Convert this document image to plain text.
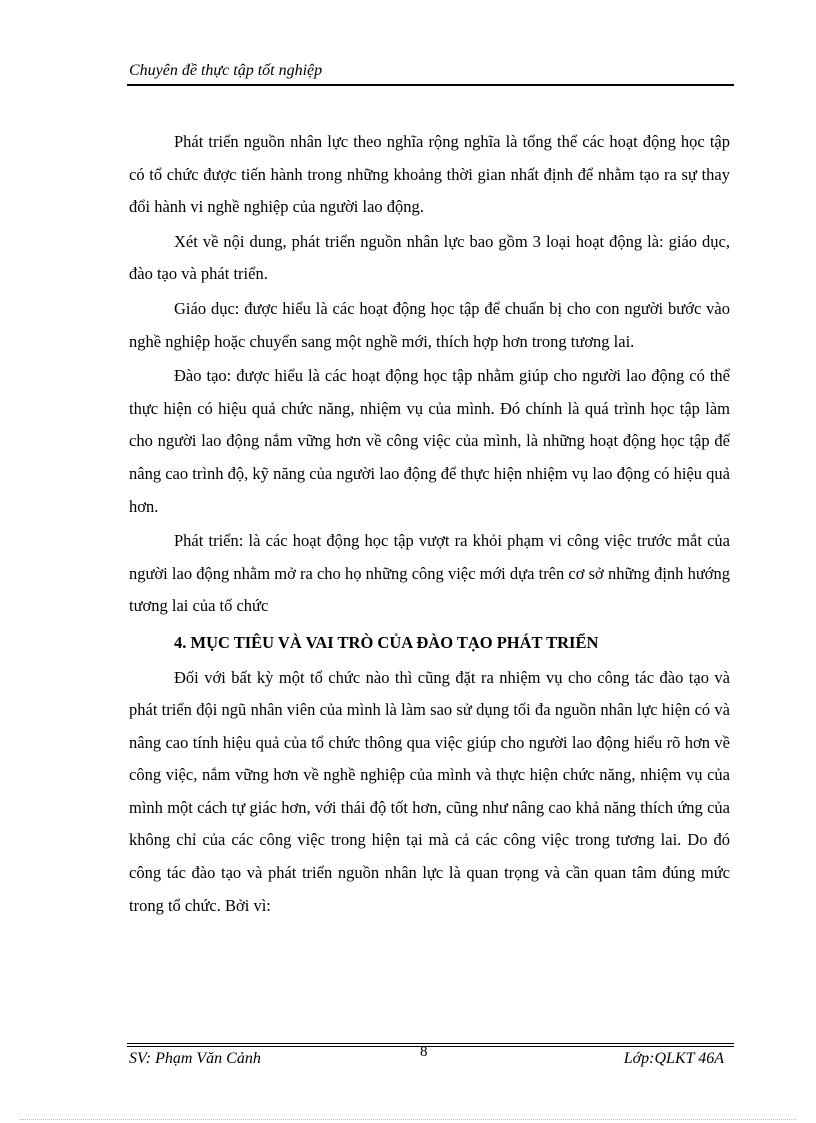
Chuyên đề thực tập tốt nghiệp

Phát triển nguồn nhân lực theo nghĩa rộng nghĩa là tổng thể các hoạt động học tập có tổ chức được tiến hành trong những khoảng thời gian nhất định để nhằm tạo ra sự thay đổi hành vi nghề nghiệp của người lao động.

Xét về nội dung, phát triển nguồn nhân lực bao gồm 3 loại hoạt động là: giáo dục, đào tạo và phát triển.

Giáo dục: được hiểu là các hoạt động học tập để chuẩn bị cho con người bước vào nghề nghiệp hoặc chuyển sang một nghề mới, thích hợp hơn trong tương lai.

Đào tạo: được hiểu là các hoạt động học tập nhằm giúp cho người lao động có thể thực hiện có hiệu quả chức năng, nhiệm vụ của mình. Đó chính là quá trình học tập làm cho người lao động nắm vững hơn về công việc của mình, là những hoạt động học tập để nâng cao trình độ, kỹ năng của người lao động để thực hiện nhiệm vụ lao động có hiệu quả hơn.

Phát triển: là các hoạt động học tập vượt ra khỏi phạm vi công việc trước mắt của người lao động nhằm mở ra cho họ những công việc mới dựa trên cơ sở những định hướng tương lai của tổ chức

4. MỤC TIÊU VÀ VAI TRÒ CỦA ĐÀO TẠO PHÁT TRIỂN

Đối với bất kỳ một tổ chức nào thì cũng đặt ra nhiệm vụ cho công tác đào tạo và phát triển đội ngũ nhân viên của mình là làm sao sử dụng tối đa nguồn nhân lực hiện có và nâng cao tính hiệu quả của tổ chức thông qua việc giúp cho người lao động hiểu rõ hơn về công việc, nắm vững hơn về nghề nghiệp của mình và thực hiện chức năng, nhiệm vụ của mình một cách tự giác hơn, với thái độ tốt hơn, cũng như nâng cao khả năng thích ứng của không chỉ của các công việc trong hiện tại mà cả các công việc trong tương lai. Do đó công tác đào tạo và phát triển nguồn nhân lực là quan trọng và cần quan tâm đúng mức trong tổ chức. Bởi vì:

SV: Phạm Văn Cảnh	8	Lớp:QLKT 46A
